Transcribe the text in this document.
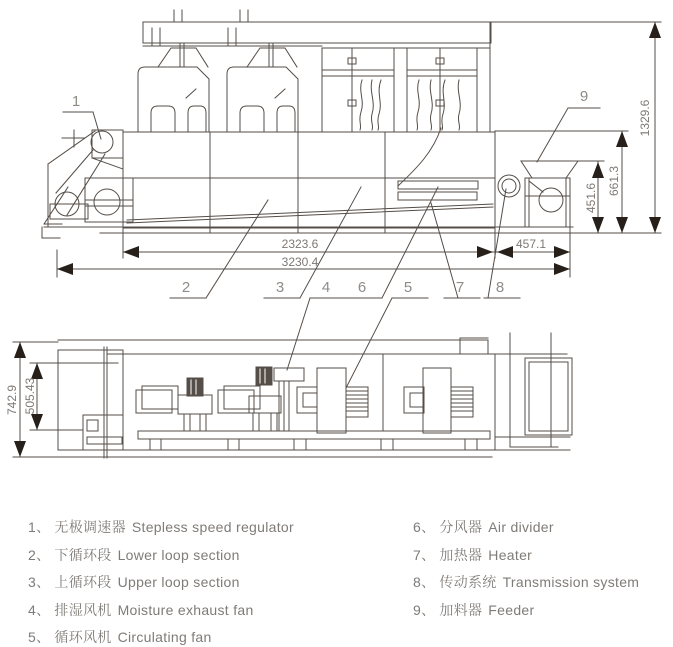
2323.6	457.1
3230.4
451.6
661.3
1329.6
1
2	3	4 6	5	7 8
9
742.9 505.43
1、 无极调速器 Stepless speed regulator
2、 下循环段 Lower loop section
3、 上循环段 Upper loop section
4、 排湿风机 Moisture exhaust fan
5、 循环风机 Circulating fan
6、 分风器 Air divider
7、 加热器 Heater
8、 传动系统 Transmission system
9、 加料器 Feeder
